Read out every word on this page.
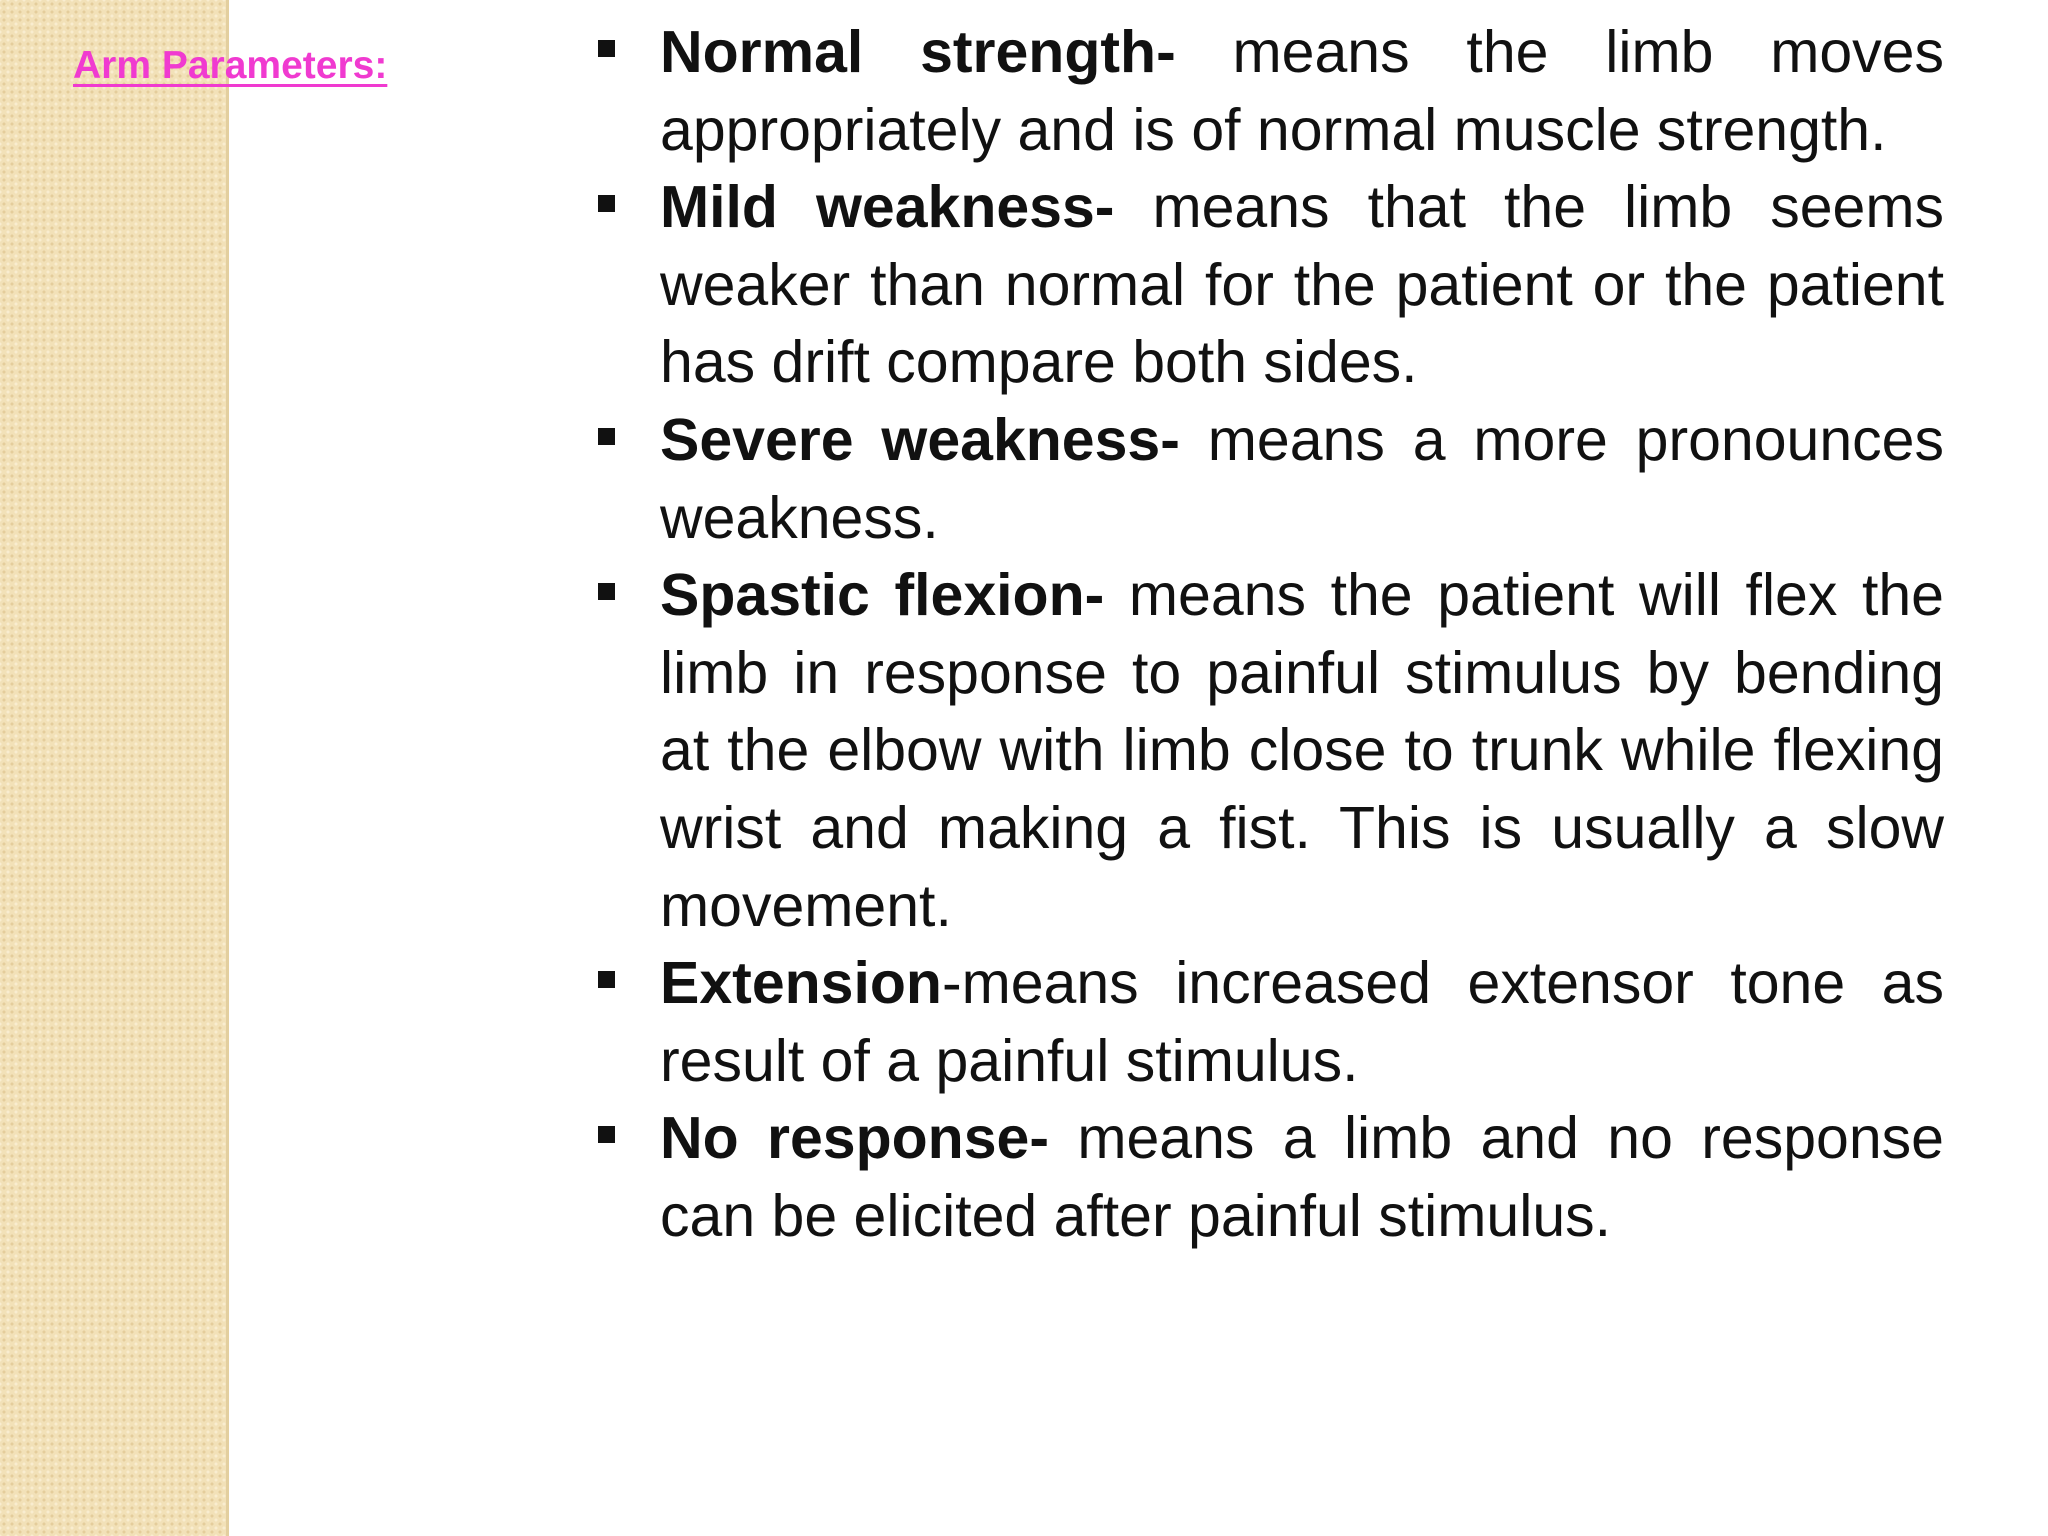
Arm Parameters:	Normal strength- means the limb moves appropriately and is of normal muscle strength.
Mild weakness- means that the limb seems weaker than normal for the patient or the patient has drift compare both sides.
Severe weakness- means a more pronounces weakness.
Spastic flexion- means the patient will flex the limb in response to painful stimulus by bending at the elbow with limb close to trunk while flexing wrist and making a fist. This is usually a slow movement.
Extension-means increased extensor tone as result of a painful stimulus.
No response- means a limb and no response can be elicited after painful stimulus.
